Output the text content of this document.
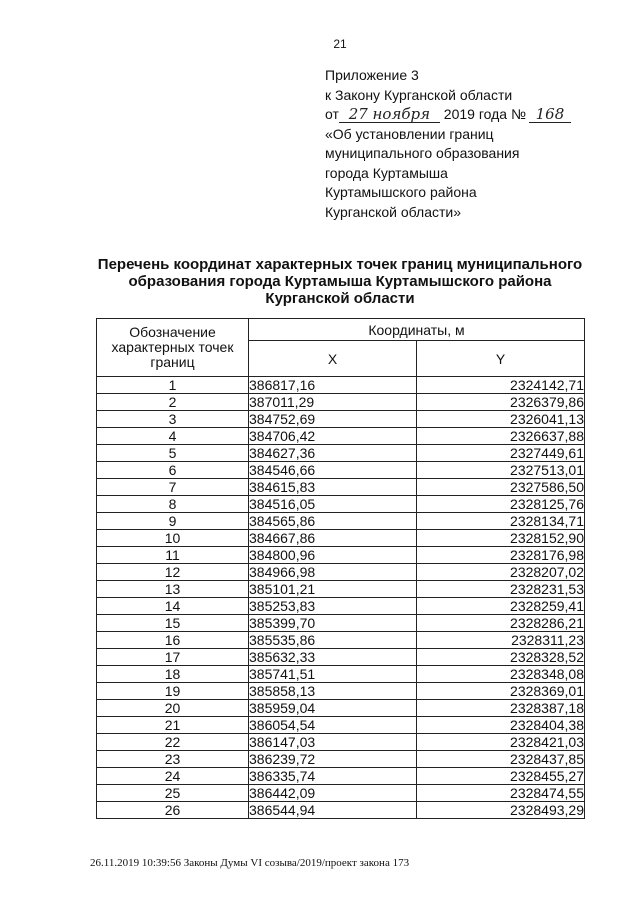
21
Приложение 3
к Закону Курганской области
от 27 ноября 2019 года № 168
«Об установлении границ
муниципального образования
города Куртамыша
Куртамышского района
Курганской области»
Перечень координат характерных точек границ муниципального
образования города Куртамыша Куртамышского района
Курганской области
Обозначение
характерных точек
границ	Координаты, м	
	X	Y
1	386817,16	2324142,71
2	387011,29	2326379,86
3	384752,69	2326041,13
4	384706,42	2326637,88
5	384627,36	2327449,61
6	384546,66	2327513,01
7	384615,83	2327586,50
8	384516,05	2328125,76
9	384565,86	2328134,71
10	384667,86	2328152,90
11	384800,96	2328176,98
12	384966,98	2328207,02
13	385101,21	2328231,53
14	385253,83	2328259,41
15	385399,70	2328286,21
16	385535,86	2328311,23
17	385632,33	2328328,52
18	385741,51	2328348,08
19	385858,13	2328369,01
20	385959,04	2328387,18
21	386054,54	2328404,38
22	386147,03	2328421,03
23	386239,72	2328437,85
24	386335,74	2328455,27
25	386442,09	2328474,55
26	386544,94	2328493,29
26.11.2019 10:39:56 Законы Думы VI созыва/2019/проект закона 173
